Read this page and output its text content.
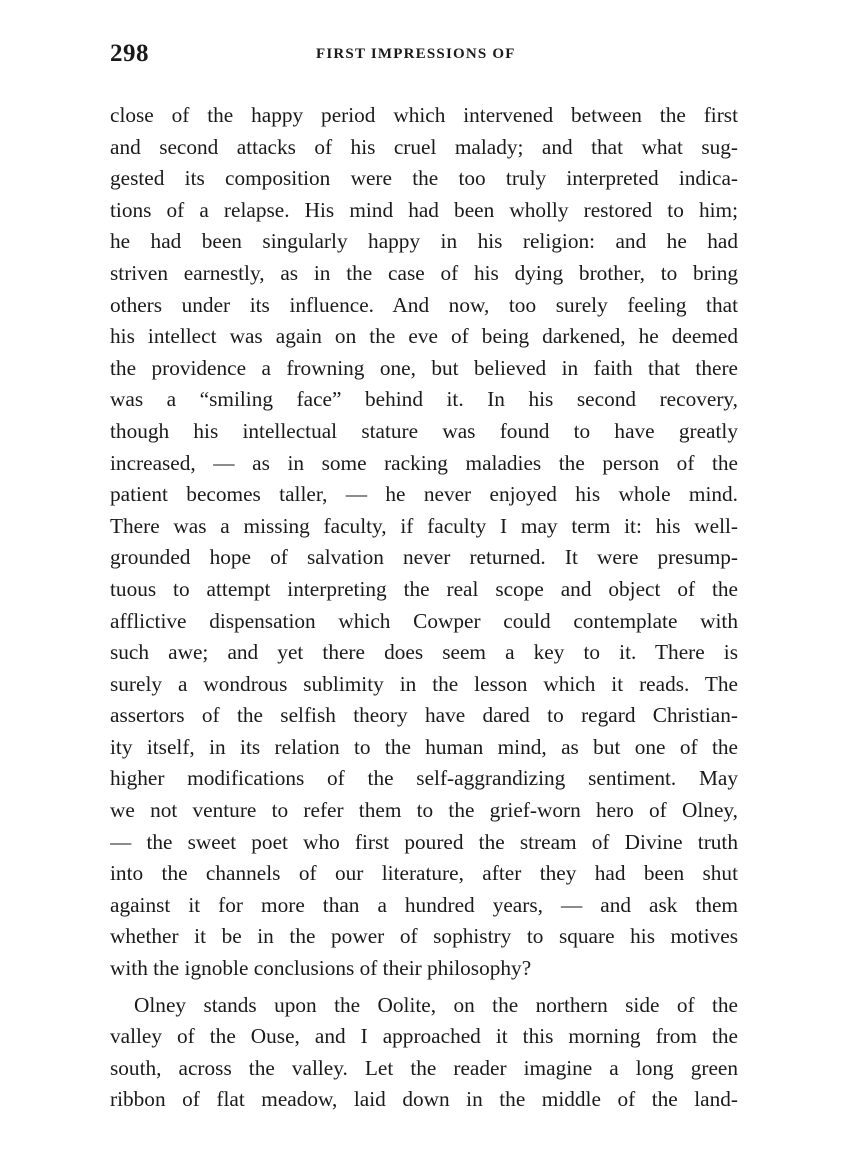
298	FIRST IMPRESSIONS OF
close of the happy period which intervened between the first
and second attacks of his cruel malady; and that what sug-
gested its composition were the too truly interpreted indica-
tions of a relapse. His mind had been wholly restored to him;
he had been singularly happy in his religion: and he had
striven earnestly, as in the case of his dying brother, to bring
others under its influence. And now, too surely feeling that
his intellect was again on the eve of being darkened, he deemed
the providence a frowning one, but believed in faith that there
was a “smiling face” behind it. In his second recovery,
though his intellectual stature was found to have greatly
increased, — as in some racking maladies the person of the
patient becomes taller, — he never enjoyed his whole mind.
There was a missing faculty, if faculty I may term it: his well-
grounded hope of salvation never returned. It were presump-
tuous to attempt interpreting the real scope and object of the
afflictive dispensation which Cowper could contemplate with
such awe; and yet there does seem a key to it. There is
surely a wondrous sublimity in the lesson which it reads. The
assertors of the selfish theory have dared to regard Christian-
ity itself, in its relation to the human mind, as but one of the
higher modifications of the self-aggrandizing sentiment. May
we not venture to refer them to the grief-worn hero of Olney,
— the sweet poet who first poured the stream of Divine truth
into the channels of our literature, after they had been shut
against it for more than a hundred years, — and ask them
whether it be in the power of sophistry to square his motives
with the ignoble conclusions of their philosophy?
Olney stands upon the Oolite, on the northern side of the
valley of the Ouse, and I approached it this morning from the
south, across the valley. Let the reader imagine a long green
ribbon of flat meadow, laid down in the middle of the land-
